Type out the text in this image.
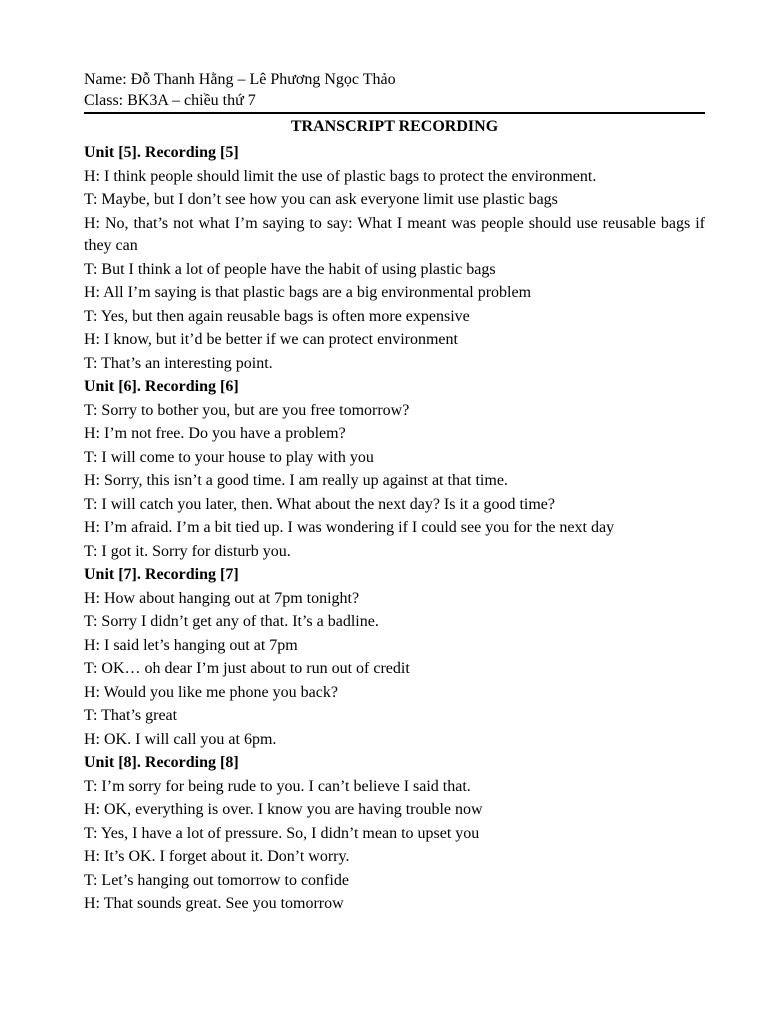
Name: Đỗ Thanh Hằng – Lê Phương Ngọc Thảo
Class: BK3A – chiều thứ 7
TRANSCRIPT RECORDING
Unit [5]. Recording [5]
H: I think people should limit the use of plastic bags to protect the environment.
T: Maybe, but I don’t see how you can ask everyone limit use plastic bags
H: No, that’s not what I’m saying to say: What I meant was people should use reusable bags if they can
T: But I think a lot of people have the habit of using plastic bags
H: All I’m saying is that plastic bags are a big environmental problem
T: Yes, but then again reusable bags is often more expensive
H: I know, but it’d be better if we can protect environment
T: That’s an interesting point.
Unit [6]. Recording [6]
T: Sorry to bother you, but are you free tomorrow?
H: I’m not free. Do you have a problem?
T: I will come to your house to play with you
H: Sorry, this isn’t a good time. I am really up against at that time.
T: I will catch you later, then. What about the next day? Is it a good time?
H: I’m afraid. I’m a bit tied up. I was wondering if I could see you for the next day
T: I got it. Sorry for disturb you.
Unit [7]. Recording [7]
H: How about hanging out at 7pm tonight?
T: Sorry I didn’t get any of that. It’s a badline.
H: I said let’s hanging out at 7pm
T: OK… oh dear I’m just about to run out of credit
H: Would you like me phone you back?
T: That’s great
H: OK. I will call you at 6pm.
Unit [8]. Recording [8]
T: I’m sorry for being rude to you. I can’t believe I said that.
H: OK, everything is over. I know you are having trouble now
T: Yes, I have a lot of pressure. So, I didn’t mean to upset you
H: It’s OK. I forget about it. Don’t worry.
T: Let’s hanging out tomorrow to confide
H: That sounds great. See you tomorrow
